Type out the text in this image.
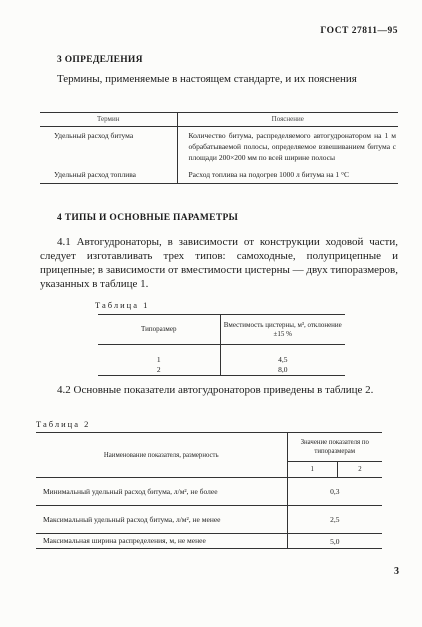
ГОСТ 27811—95
3 ОПРЕДЕЛЕНИЯ
Термины, применяемые в настоящем стандарте, и их пояснения
Термин	Пояснение
Удельный расход битума	Количество битума, распределяемого автогудронатором на 1 м обрабатываемой полосы, определяемое взвешиванием битума с площади 200×200 мм по всей ширине полосы
Удельный расход топлива	Расход топлива на подогрев 1000 л битума на 1 °С
4 ТИПЫ И ОСНОВНЫЕ ПАРАМЕТРЫ
4.1 Автогудронаторы, в зависимости от конструкции ходовой части, следует изготавливать трех типов: самоходные, полуприцепные и прицепные; в зависимости от вместимости цистерны — двух типоразмеров, указанных в таблице 1.
Таблица 1
Типоразмер	Вместимость цистерны, м³, отклонение ±15 %

1	4,5
2	8,0
4.2 Основные показатели автогудронаторов приведены в таблице 2.
Таблица 2
Наименование показателя, размерность	Значение показателя по типоразмерам	
	1	2
Минимальный удельный расход битума, л/м², не более	0,3	
Максимальный удельный расход битума, л/м², не менее	2,5	
Максимальная ширина распределения, м, не менее	5,0	
3
